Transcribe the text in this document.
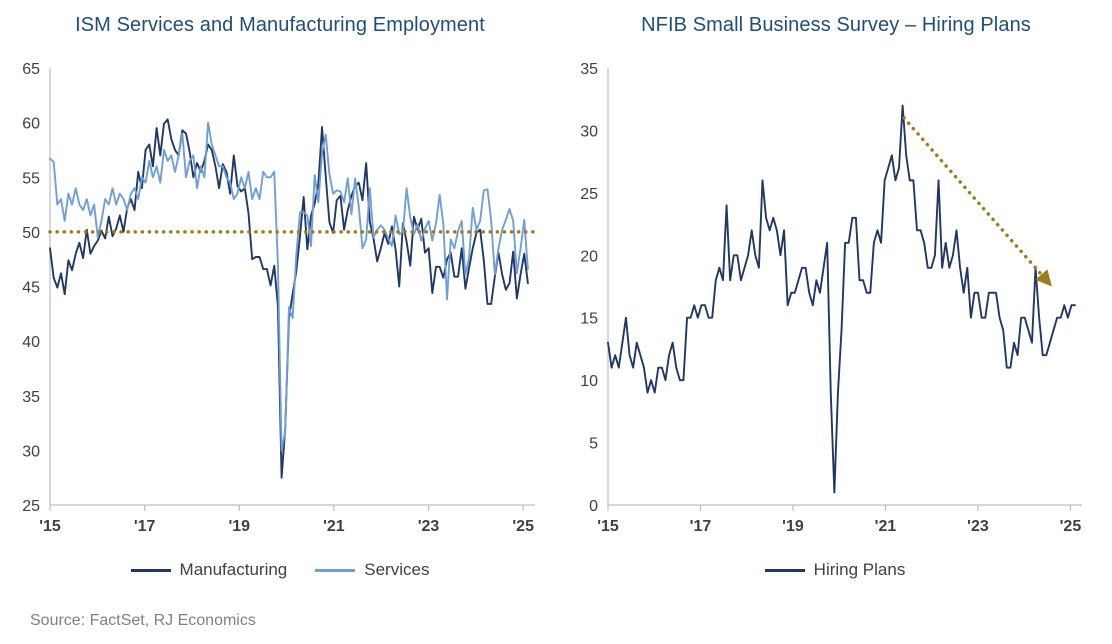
ISM Services and Manufacturing Employment
25
30
35
40
45
50
55
60
65
'15	'17	'19	'21	'23	'25
Manufacturing	Services
Source: FactSet, RJ Economics
NFIB Small Business Survey – Hiring Plans
0
5
10
15
20
25
30
35
'15	'17	'19	'21	'23	'25
Hiring Plans
